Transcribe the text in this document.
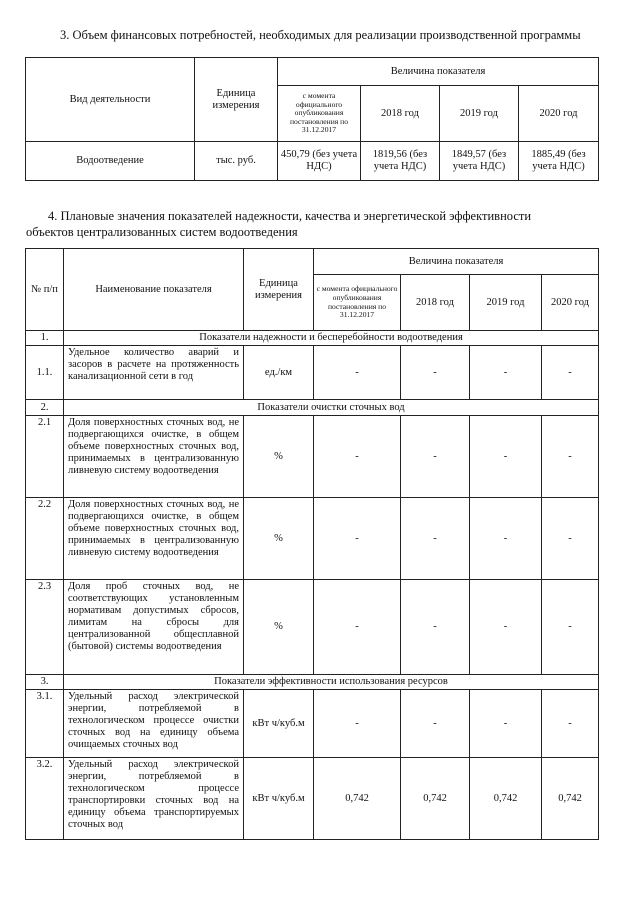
3. Объем финансовых потребностей, необходимых для реализации производственной программы
Вид деятельности	Единица измерения	Величина показателя			
		с момента официального опубликования постановления по 31.12.2017	2018 год	2019 год	2020 год
Водоотведение	тыс. руб.	450,79 (без учета НДС)	1819,56 (без учета НДС)	1849,57 (без учета НДС)	1885,49 (без учета НДС)
4. Плановые значения показателей надежности, качества и энергетической эффективности
объектов централизованных систем водоотведения
№ п/п	Наименование показателя	Единица измерения	Величина показателя			
			с момента официального опубликования постановления по 31.12.2017	2018 год	2019 год	2020 год
1.	Показатели надежности и бесперебойности водоотведения					
1.1.	Удельное количество аварий и засоров в расчете на протяженность канализационной сети в год	ед./км	-	-	-	-
2.	Показатели очистки сточных вод					
2.1	Доля поверхностных сточных вод, не подвергающихся очистке, в общем объеме поверхностных сточных вод, принимаемых в централизованную ливневую систему водоотведения	%	-	-	-	-
2.2	Доля поверхностных сточных вод, не подвергающихся очистке, в общем объеме поверхностных сточных вод, принимаемых в централизованную ливневую систему водоотведения	%	-	-	-	-
2.3	Доля проб сточных вод, не соответствующих установленным нормативам допустимых сбросов, лимитам на сбросы для централизованной общесплавной (бытовой) системы водоотведения	%	-	-	-	-
3.	Показатели эффективности использования ресурсов					
3.1.	Удельный расход электрической энергии, потребляемой в технологическом процессе очистки сточных вод на единицу объема очищаемых сточных вод	кВт ч/куб.м	-	-	-	-
3.2.	Удельный расход электрической энергии, потребляемой в технологическом процессе транспортировки сточных вод на единицу объема транспортируемых сточных вод	кВт ч/куб.м	0,742	0,742	0,742	0,742
